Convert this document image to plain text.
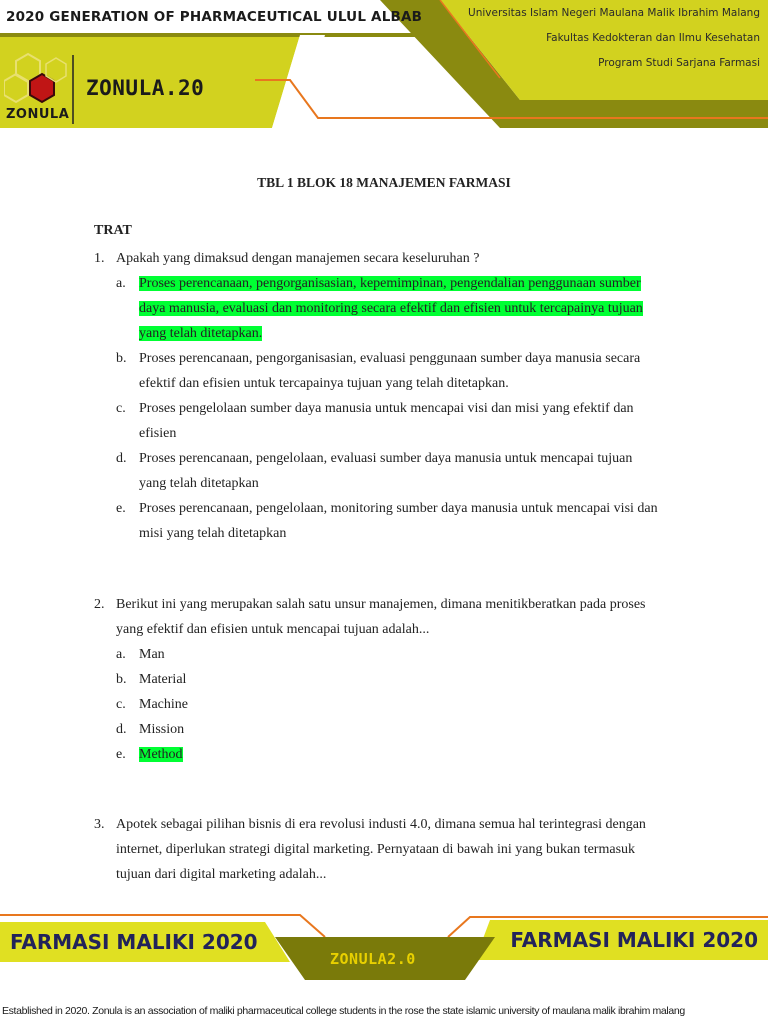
2020 GENERATION OF PHARMACEUTICAL ULUL ALBAB	Universitas Islam Negeri Maulana Malik Ibrahim Malang
Fakultas Kedokteran dan Ilmu Kesehatan
Program Studi Sarjana Farmasi
ZONULA
ZONULA.20
TBL 1 BLOK 18 MANAJEMEN FARMASI
TRAT
1. Apakah yang dimaksud dengan manajemen secara keseluruhan ?
a. Proses perencanaan, pengorganisasian, kepemimpinan, pengendalian penggunaan sumber daya manusia, evaluasi dan monitoring secara efektif dan efisien untuk tercapainya tujuan yang telah ditetapkan.
b. Proses perencanaan, pengorganisasian, evaluasi penggunaan sumber daya manusia secara efektif dan efisien untuk tercapainya tujuan yang telah ditetapkan.
c. Proses pengelolaan sumber daya manusia untuk mencapai visi dan misi yang efektif dan efisien
d. Proses perencanaan, pengelolaan, evaluasi sumber daya manusia untuk mencapai tujuan yang telah ditetapkan
e. Proses perencanaan, pengelolaan, monitoring sumber daya manusia untuk mencapai visi dan misi yang telah ditetapkan
2. Berikut ini yang merupakan salah satu unsur manajemen, dimana menitikberatkan pada proses yang efektif dan efisien untuk mencapai tujuan adalah...
a. Man
b. Material
c. Machine
d. Mission
e. Method
3. Apotek sebagai pilihan bisnis di era revolusi industi 4.0, dimana semua hal terintegrasi dengan internet, diperlukan strategi digital marketing. Pernyataan di bawah ini yang bukan termasuk tujuan dari digital marketing adalah...
FARMASI MALIKI 2020	FARMASI MALIKI 2020
ZONULA2.0
Established in 2020. Zonula is an association of maliki pharmaceutical college students in the rose the state islamic university of maulana malik ibrahim malang
